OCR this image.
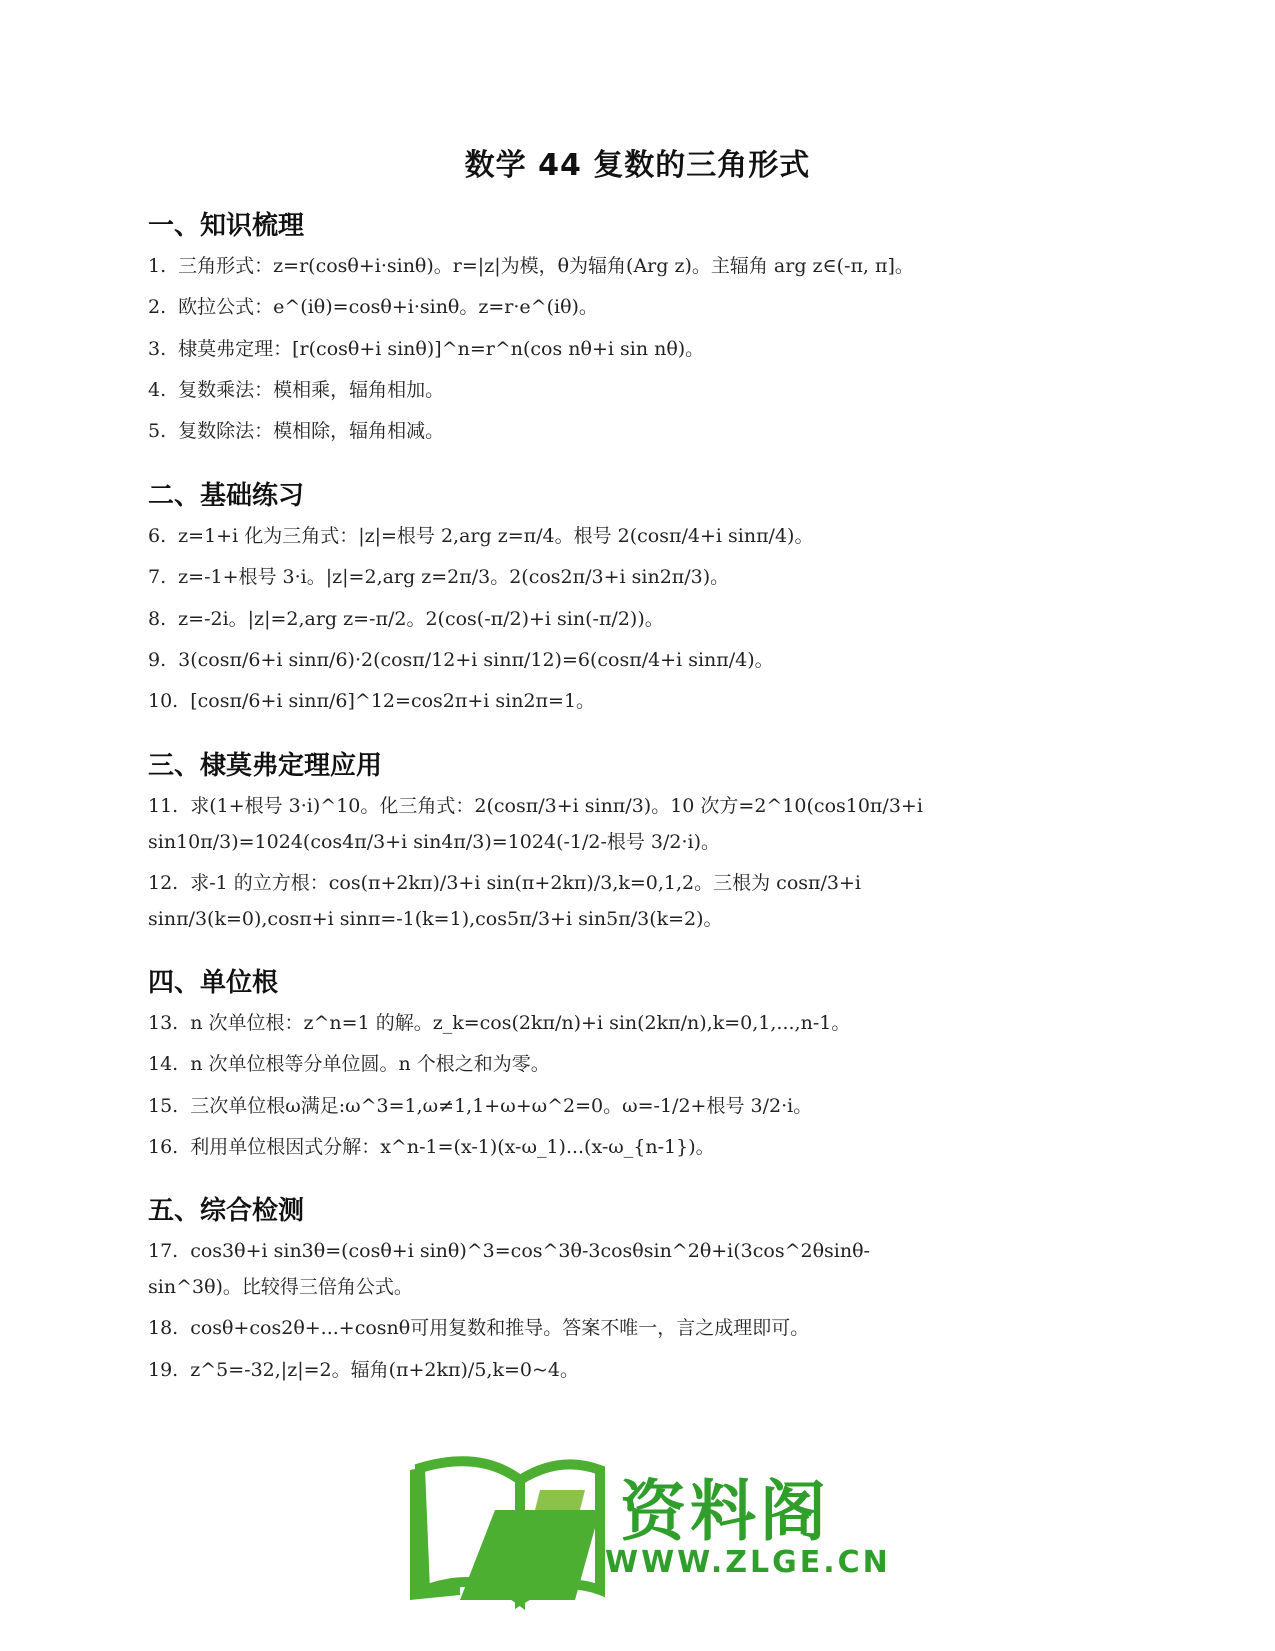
数学 44 复数的三角形式
一、知识梳理
1. 三角形式：z=r(cosθ+i·sinθ)。r=|z|为模，θ为辐角(Arg z)。主辐角 arg z∈(-π, π]。
2. 欧拉公式：e^(iθ)=cosθ+i·sinθ。z=r·e^(iθ)。
3. 棣莫弗定理：[r(cosθ+i sinθ)]^n=r^n(cos nθ+i sin nθ)。
4. 复数乘法：模相乘，辐角相加。
5. 复数除法：模相除，辐角相减。
二、基础练习
6. z=1+i 化为三角式：|z|=根号 2,arg z=π/4。根号 2(cosπ/4+i sinπ/4)。
7. z=-1+根号 3·i。|z|=2,arg z=2π/3。2(cos2π/3+i sin2π/3)。
8. z=-2i。|z|=2,arg z=-π/2。2(cos(-π/2)+i sin(-π/2))。
9. 3(cosπ/6+i sinπ/6)·2(cosπ/12+i sinπ/12)=6(cosπ/4+i sinπ/4)。
10. [cosπ/6+i sinπ/6]^12=cos2π+i sin2π=1。
三、棣莫弗定理应用
11. 求(1+根号 3·i)^10。化三角式：2(cosπ/3+i sinπ/3)。10 次方=2^10(cos10π/3+i
sin10π/3)=1024(cos4π/3+i sin4π/3)=1024(-1/2-根号 3/2·i)。
12. 求-1 的立方根：cos(π+2kπ)/3+i sin(π+2kπ)/3,k=0,1,2。三根为 cosπ/3+i
sinπ/3(k=0),cosπ+i sinπ=-1(k=1),cos5π/3+i sin5π/3(k=2)。
四、单位根
13. n 次单位根：z^n=1 的解。z_k=cos(2kπ/n)+i sin(2kπ/n),k=0,1,...,n-1。
14. n 次单位根等分单位圆。n 个根之和为零。
15. 三次单位根ω满足:ω^3=1,ω≠1,1+ω+ω^2=0。ω=-1/2+根号 3/2·i。
16. 利用单位根因式分解：x^n-1=(x-1)(x-ω_1)...(x-ω_{n-1})。
五、综合检测
17. cos3θ+i sin3θ=(cosθ+i sinθ)^3=cos^3θ-3cosθsin^2θ+i(3cos^2θsinθ-
sin^3θ)。比较得三倍角公式。
18. cosθ+cos2θ+...+cosnθ可用复数和推导。答案不唯一，言之成理即可。
19. z^5=-32,|z|=2。辐角(π+2kπ)/5,k=0~4。
资料阁
WWW.ZLGE.CN
